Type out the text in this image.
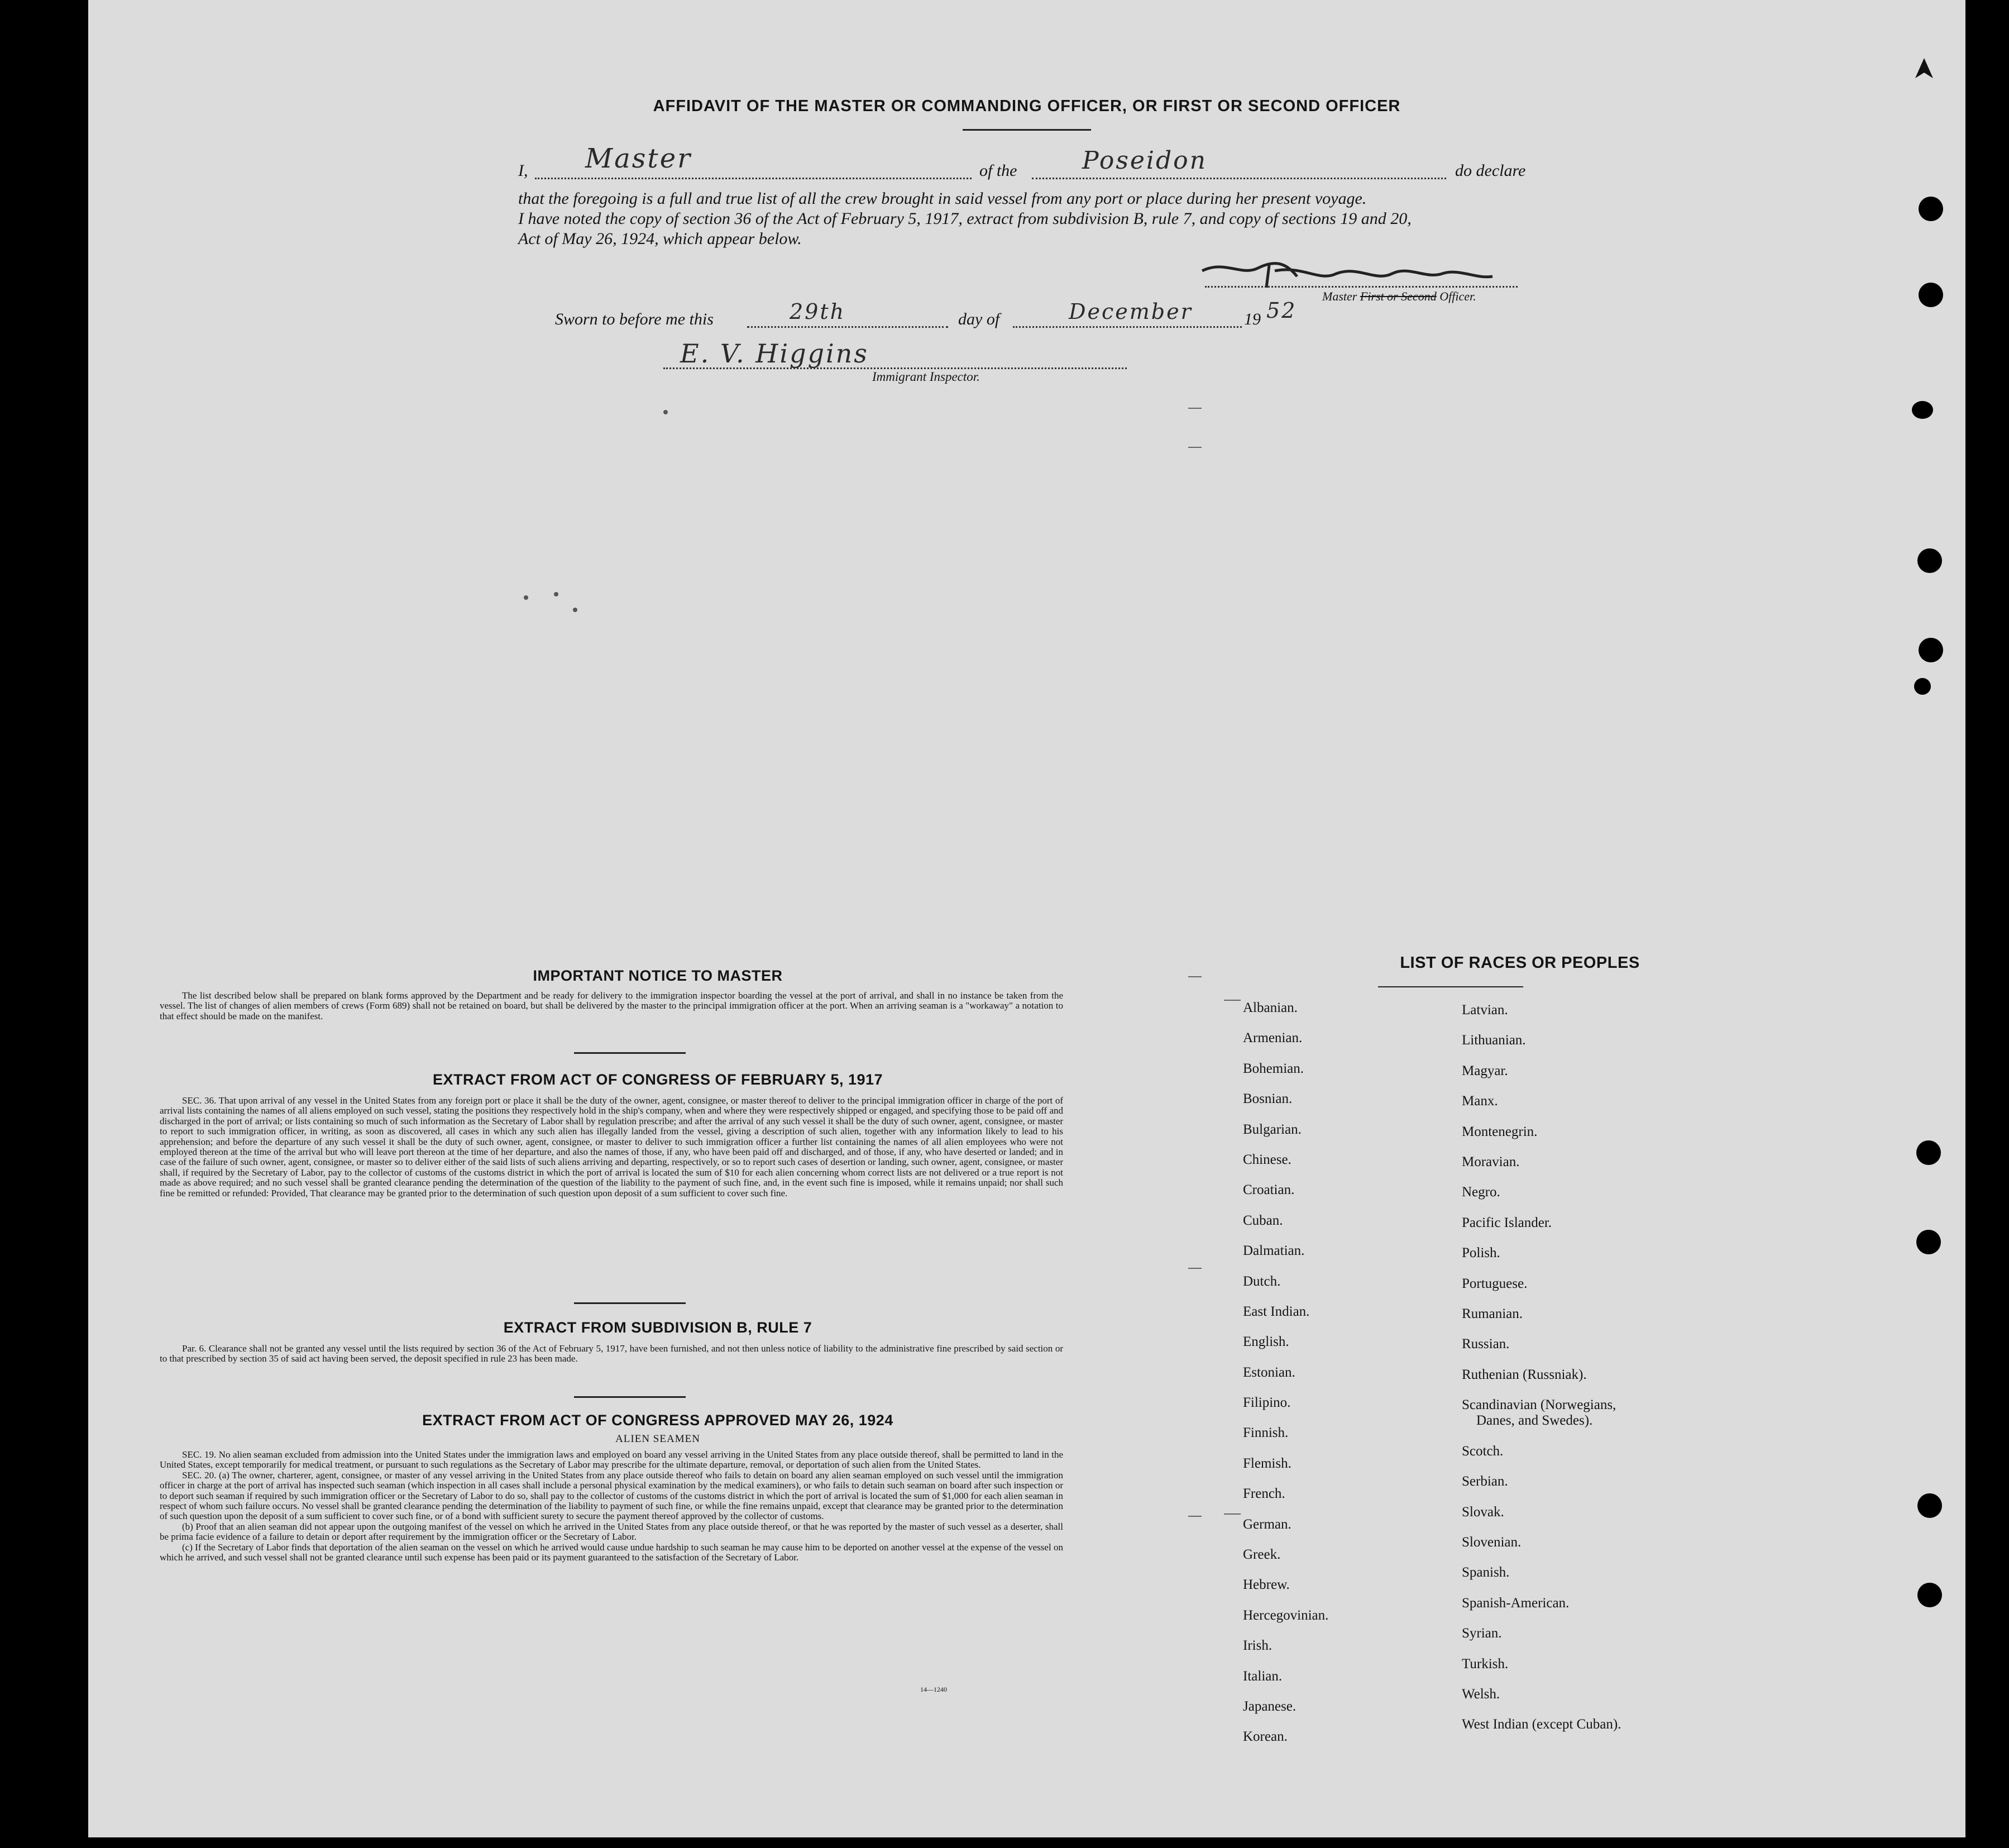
AFFIDAVIT OF THE MASTER OR COMMANDING OFFICER, OR FIRST OR SECOND OFFICER
I, Master	of the	Poseidon	do declare
that the foregoing is a full and true list of all the crew brought in said vessel from any port or place during her present voyage.
I have noted the copy of section 36 of the Act of February 5, 1917, extract from subdivision B, rule 7, and copy of sections 19 and 20,
Act of May 26, 1924, which appear below.
Master First or Second Officer.
Sworn to before me this	29th	day of	December	19 52
E. V. Higgins
Immigrant Inspector.
IMPORTANT NOTICE TO MASTER
The list described below shall be prepared on blank forms approved by the Department and be ready for delivery to the immigration inspector boarding the vessel at the port of arrival, and shall in no instance be taken from the vessel. The list of changes of alien members of crews (Form 689) shall not be retained on board, but shall be delivered by the master to the principal immigration officer at the port. When an arriving seaman is a "workaway" a notation to that effect should be made on the manifest.
EXTRACT FROM ACT OF CONGRESS OF FEBRUARY 5, 1917
SEC. 36. That upon arrival of any vessel in the United States from any foreign port or place it shall be the duty of the owner, agent, consignee, or master thereof to deliver to the principal immigration officer in charge of the port of arrival lists containing the names of all aliens employed on such vessel, stating the positions they respectively hold in the ship's company, when and where they were respectively shipped or engaged, and specifying those to be paid off and discharged in the port of arrival; or lists containing so much of such information as the Secretary of Labor shall by regulation prescribe; and after the arrival of any such vessel it shall be the duty of such owner, agent, consignee, or master to report to such immigration officer, in writing, as soon as discovered, all cases in which any such alien has illegally landed from the vessel, giving a description of such alien, together with any information likely to lead to his apprehension; and before the departure of any such vessel it shall be the duty of such owner, agent, consignee, or master to deliver to such immigration officer a further list containing the names of all alien employees who were not employed thereon at the time of the arrival but who will leave port thereon at the time of her departure, and also the names of those, if any, who have been paid off and discharged, and of those, if any, who have deserted or landed; and in case of the failure of such owner, agent, consignee, or master so to deliver either of the said lists of such aliens arriving and departing, respectively, or so to report such cases of desertion or landing, such owner, agent, consignee, or master shall, if required by the Secretary of Labor, pay to the collector of customs of the customs district in which the port of arrival is located the sum of $10 for each alien concerning whom correct lists are not delivered or a true report is not made as above required; and no such vessel shall be granted clearance pending the determination of the question of the liability to the payment of such fine, and, in the event such fine is imposed, while it remains unpaid; nor shall such fine be remitted or refunded: Provided, That clearance may be granted prior to the determination of such question upon deposit of a sum sufficient to cover such fine.
EXTRACT FROM SUBDIVISION B, RULE 7
Par. 6. Clearance shall not be granted any vessel until the lists required by section 36 of the Act of February 5, 1917, have been furnished, and not then unless notice of liability to the administrative fine prescribed by said section or to that prescribed by section 35 of said act having been served, the deposit specified in rule 23 has been made.
EXTRACT FROM ACT OF CONGRESS APPROVED MAY 26, 1924
ALIEN SEAMEN
SEC. 19. No alien seaman excluded from admission into the United States under the immigration laws and employed on board any vessel arriving in the United States from any place outside thereof, shall be permitted to land in the United States, except temporarily for medical treatment, or pursuant to such regulations as the Secretary of Labor may prescribe for the ultimate departure, removal, or deportation of such alien from the United States.
SEC. 20. (a) The owner, charterer, agent, consignee, or master of any vessel arriving in the United States from any place outside thereof who fails to detain on board any alien seaman employed on such vessel until the immigration officer in charge at the port of arrival has inspected such seaman (which inspection in all cases shall include a personal physical examination by the medical examiners), or who fails to detain such seaman on board after such inspection or to deport such seaman if required by such immigration officer or the Secretary of Labor to do so, shall pay to the collector of customs of the customs district in which the port of arrival is located the sum of $1,000 for each alien seaman in respect of whom such failure occurs. No vessel shall be granted clearance pending the determination of the liability to payment of such fine, or while the fine remains unpaid, except that clearance may be granted prior to the determination of such question upon the deposit of a sum sufficient to cover such fine, or of a bond with sufficient surety to secure the payment thereof approved by the collector of customs.
(b) Proof that an alien seaman did not appear upon the outgoing manifest of the vessel on which he arrived in the United States from any place outside thereof, or that he was reported by the master of such vessel as a deserter, shall be prima facie evidence of a failure to detain or deport after requirement by the immigration officer or the Secretary of Labor.
(c) If the Secretary of Labor finds that deportation of the alien seaman on the vessel on which he arrived would cause undue hardship to such seaman he may cause him to be deported on another vessel at the expense of the vessel on which he arrived, and such vessel shall not be granted clearance until such expense has been paid or its payment guaranteed to the satisfaction of the Secretary of Labor.
14—1240
LIST OF RACES OR PEOPLES
Albanian.
Armenian.
Bohemian.
Bosnian.
Bulgarian.
Chinese.
Croatian.
Cuban.
Dalmatian.
Dutch.
East Indian.
English.
Estonian.
Filipino.
Finnish.
Flemish.
French.
German.
Greek.
Hebrew.
Hercegovinian.
Irish.
Italian.
Japanese.
Korean.
Latvian.
Lithuanian.
Magyar.
Manx.
Montenegrin.
Moravian.
Negro.
Pacific Islander.
Polish.
Portuguese.
Rumanian.
Russian.
Ruthenian (Russniak).
Scandinavian (Norwegians,
Danes, and Swedes).
Scotch.
Serbian.
Slovak.
Slovenian.
Spanish.
Spanish-American.
Syrian.
Turkish.
Welsh.
West Indian (except Cuban).
